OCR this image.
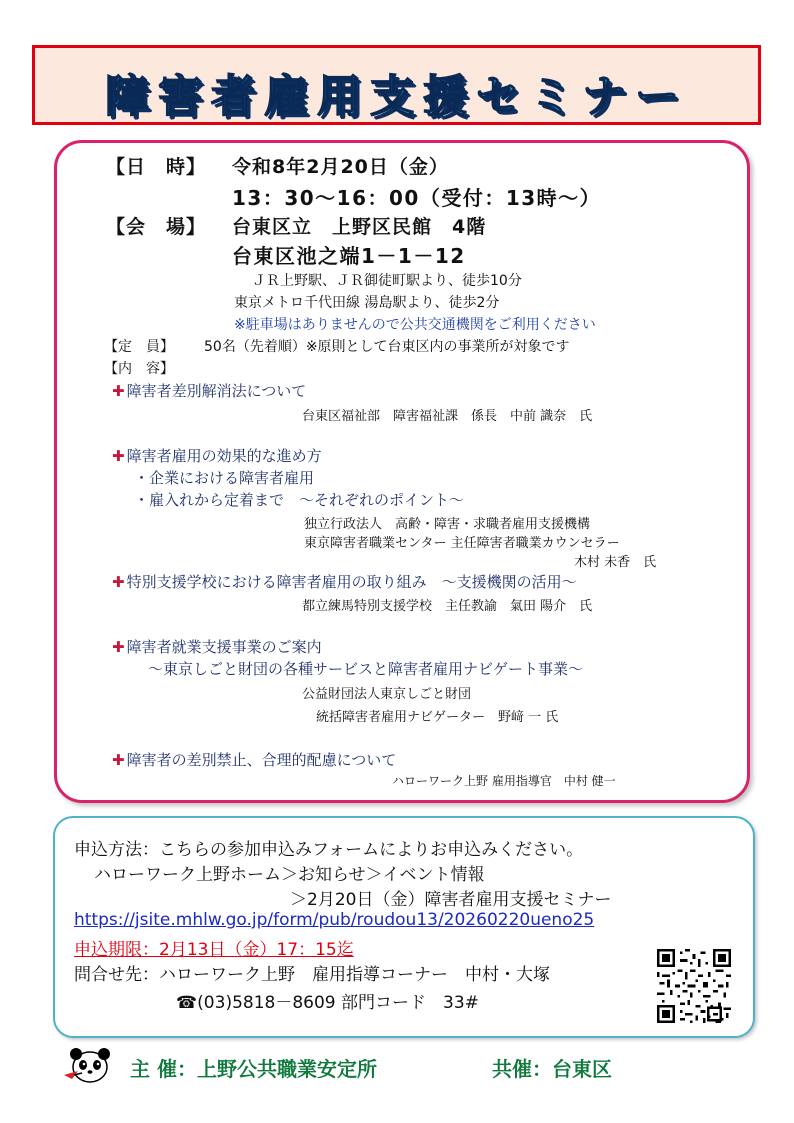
障害者雇用支援セミナー
【日　時】 令和8年2月20日（金）
13：30～16：00（受付：13時～）
【会　場】 台東区立　上野区民館　4階
台東区池之端1－1－12
ＪＲ上野駅、ＪＲ御徒町駅より、徒歩10分
東京メトロ千代田線 湯島駅より、徒歩2分
※駐車場はありませんので公共交通機関をご利用ください
【定　員】 50名（先着順）※原則として台東区内の事業所が対象です
【内　容】
✚ 障害者差別解消法について
台東区福祉部　障害福祉課　係長　中前 識奈　氏
✚ 障害者雇用の効果的な進め方
・企業における障害者雇用
・雇入れから定着まで　～それぞれのポイント～
独立行政法人　高齢・障害・求職者雇用支援機構
東京障害者職業センター 主任障害者職業カウンセラー
木村 未香　氏
✚ 特別支援学校における障害者雇用の取り組み　～支援機関の活用～
都立練馬特別支援学校　主任教諭　氣田 陽介　氏
✚ 障害者就業支援事業のご案内
～東京しごと財団の各種サービスと障害者雇用ナビゲート事業～
公益財団法人東京しごと財団
統括障害者雇用ナビゲーター　野﨑 一 氏
✚ 障害者の差別禁止、合理的配慮について
ハローワーク上野 雇用指導官　中村 健一
申込方法：こちらの参加申込みフォームによりお申込みください。
ハローワーク上野ホーム＞お知らせ＞イベント情報
＞2月20日（金）障害者雇用支援セミナー
https://jsite.mhlw.go.jp/form/pub/roudou13/20260220ueno25
申込期限：2月13日（金）17：15迄
問合せ先：ハローワーク上野　雇用指導コーナー　中村・大塚
☎(03)5818－8609 部門コード　33#
主 催：上野公共職業安定所	共催：台東区
